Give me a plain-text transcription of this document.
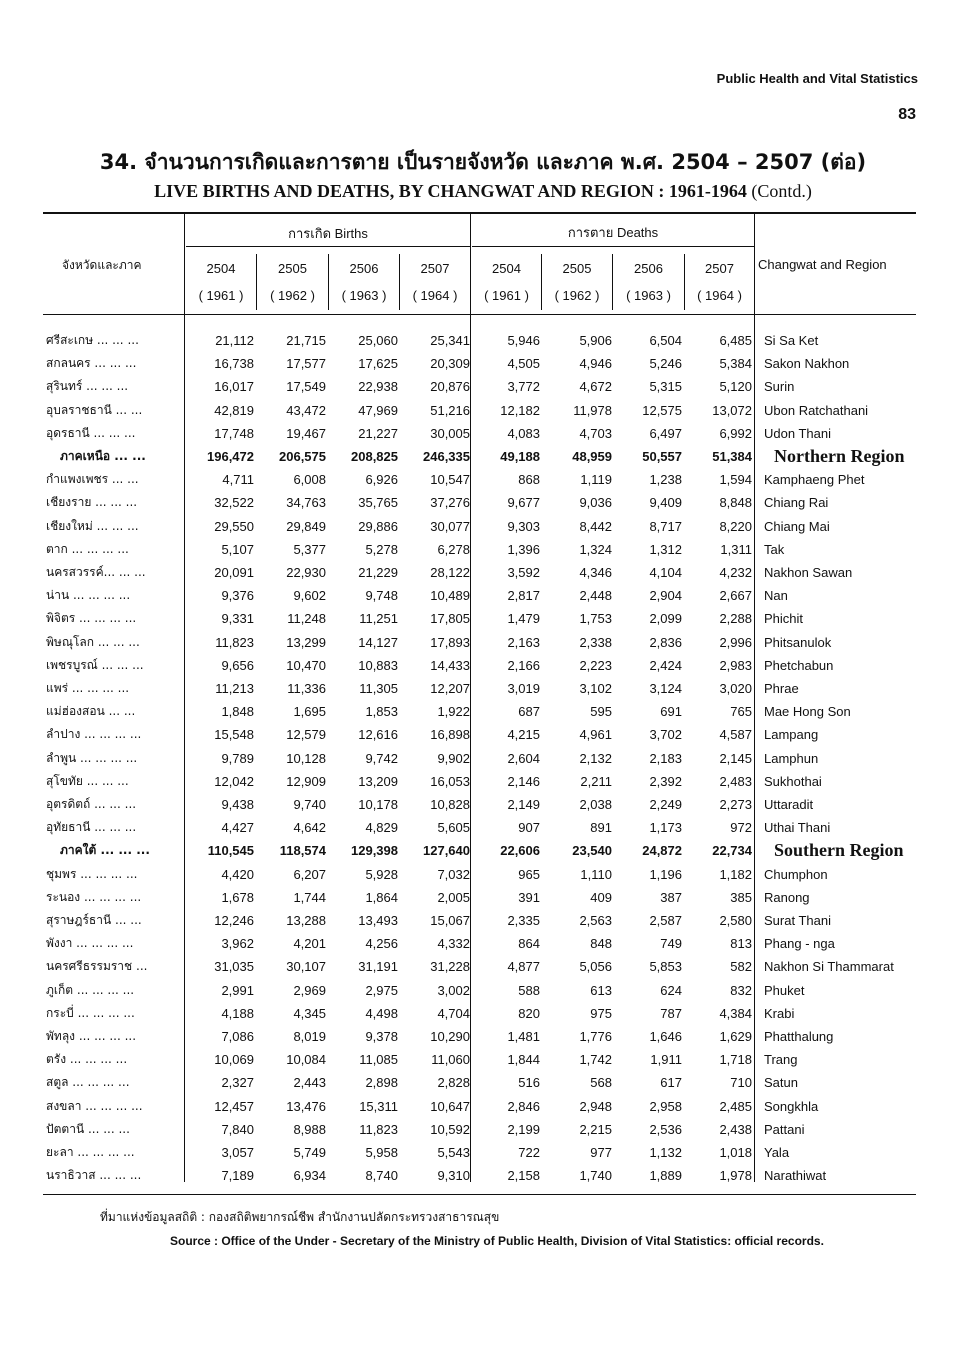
Public Health and Vital Statistics
83
34. จำนวนการเกิดและการตาย เป็นรายจังหวัด และภาค พ.ศ. 2504 – 2507 (ต่อ)
LIVE BIRTHS AND DEATHS, BY CHANGWAT AND REGION : 1961-1964 (Contd.)
จังหวัดและภาค
การเกิด Births	การตาย Deaths
Changwat and Region
2504
( 1961 )
2505
( 1962 )
2506
( 1963 )
2507
( 1964 )
2504
( 1961 )
2505
( 1962 )
2506
( 1963 )
2507
( 1964 )
ศรีสะเกษ ... ... ...	21,112	21,715	25,060	25,341	5,946	5,906	6,504	6,485 Si Sa Ket
สกลนคร ... ... ...	16,738	17,577	17,625	20,309	4,505	4,946	5,246	5,384 Sakon Nakhon
สุรินทร์ ... ... ...	16,017	17,549	22,938	20,876	3,772	4,672	5,315	5,120 Surin
อุบลราชธานี ... ...	42,819	43,472	47,969	51,216	12,182	11,978	12,575	13,072 Ubon Ratchathani
อุดรธานี ... ... ...	17,748	19,467	21,227	30,005	4,083	4,703	6,497	6,992 Udon Thani
ภาคเหนือ ... ...	196,472	206,575	208,825	246,335	49,188	48,959	50,557	51,384 Northern Region
กำแพงเพชร ... ...	4,711	6,008	6,926	10,547	868	1,119	1,238	1,594 Kamphaeng Phet
เชียงราย ... ... ...	32,522	34,763	35,765	37,276	9,677	9,036	9,409	8,848 Chiang Rai
เชียงใหม่ ... ... ...	29,550	29,849	29,886	30,077	9,303	8,442	8,717	8,220 Chiang Mai
ตาก ... ... ... ...	5,107	5,377	5,278	6,278	1,396	1,324	1,312	1,311 Tak
นครสวรรค์... ... ...	20,091	22,930	21,229	28,122	3,592	4,346	4,104	4,232 Nakhon Sawan
น่าน ... ... ... ...	9,376	9,602	9,748	10,489	2,817	2,448	2,904	2,667 Nan
พิจิตร ... ... ... ...	9,331	11,248	11,251	17,805	1,479	1,753	2,099	2,288 Phichit
พิษณุโลก ... ... ...	11,823	13,299	14,127	17,893	2,163	2,338	2,836	2,996 Phitsanulok
เพชรบูรณ์ ... ... ...	9,656	10,470	10,883	14,433	2,166	2,223	2,424	2,983 Phetchabun
แพร่ ... ... ... ...	11,213	11,336	11,305	12,207	3,019	3,102	3,124	3,020 Phrae
แม่ฮ่องสอน ... ...	1,848	1,695	1,853	1,922	687	595	691	765 Mae Hong Son
ลำปาง ... ... ... ...	15,548	12,579	12,616	16,898	4,215	4,961	3,702	4,587 Lampang
ลำพูน ... ... ... ...	9,789	10,128	9,742	9,902	2,604	2,132	2,183	2,145 Lamphun
สุโขทัย ... ... ...	12,042	12,909	13,209	16,053	2,146	2,211	2,392	2,483 Sukhothai
อุตรดิตถ์ ... ... ...	9,438	9,740	10,178	10,828	2,149	2,038	2,249	2,273 Uttaradit
อุทัยธานี ... ... ...	4,427	4,642	4,829	5,605	907	891	1,173	972 Uthai Thani
ภาคใต้ ... ... ...	110,545	118,574	129,398	127,640	22,606	23,540	24,872	22,734 Southern Region
ชุมพร ... ... ... ...	4,420	6,207	5,928	7,032	965	1,110	1,196	1,182 Chumphon
ระนอง ... ... ... ...	1,678	1,744	1,864	2,005	391	409	387	385 Ranong
สุราษฎร์ธานี ... ...	12,246	13,288	13,493	15,067	2,335	2,563	2,587	2,580 Surat Thani
พังงา ... ... ... ...	3,962	4,201	4,256	4,332	864	848	749	813 Phang - nga
นครศรีธรรมราช ...	31,035	30,107	31,191	31,228	4,877	5,056	5,853	582 Nakhon Si Thammarat
ภูเก็ต ... ... ... ...	2,991	2,969	2,975	3,002	588	613	624	832 Phuket
กระบี่ ... ... ... ...	4,188	4,345	4,498	4,704	820	975	787	4,384 Krabi
พัทลุง ... ... ... ...	7,086	8,019	9,378	10,290	1,481	1,776	1,646	1,629 Phatthalung
ตรัง ... ... ... ...	10,069	10,084	11,085	11,060	1,844	1,742	1,911	1,718 Trang
สตูล ... ... ... ...	2,327	2,443	2,898	2,828	516	568	617	710 Satun
สงขลา ... ... ... ...	12,457	13,476	15,311	10,647	2,846	2,948	2,958	2,485 Songkhla
ปัตตานี ... ... ...	7,840	8,988	11,823	10,592	2,199	2,215	2,536	2,438 Pattani
ยะลา ... ... ... ...	3,057	5,749	5,958	5,543	722	977	1,132	1,018 Yala
นราธิวาส ... ... ...	7,189	6,934	8,740	9,310	2,158	1,740	1,889	1,978 Narathiwat
ที่มาแห่งข้อมูลสถิติ : กองสถิติพยากรณ์ชีพ สำนักงานปลัดกระทรวงสาธารณสุข
Source : Office of the Under - Secretary of the Ministry of Public Health, Division of Vital Statistics: official records.
